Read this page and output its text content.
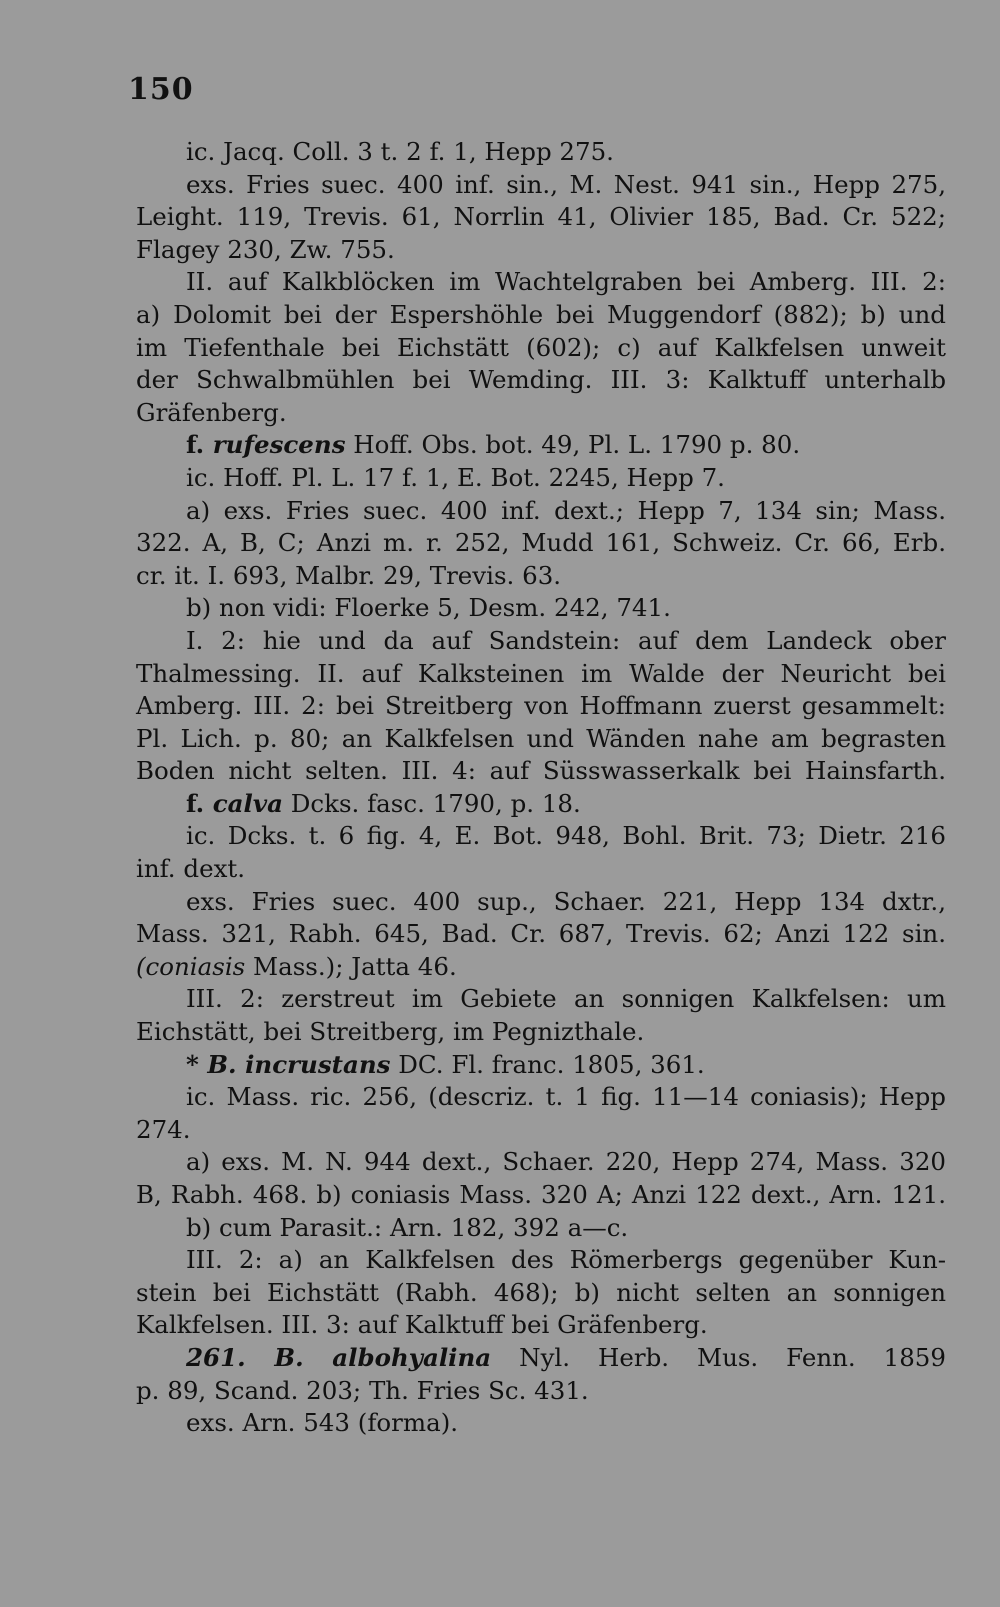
150
ic. Jacq. Coll. 3 t. 2 f. 1, Hepp 275.
exs. Fries suec. 400 inf. sin., M. Nest. 941 sin., Hepp 275,
Leight. 119, Trevis. 61, Norrlin 41, Olivier 185, Bad. Cr. 522;
Flagey 230, Zw. 755.
II. auf Kalkblöcken im Wachtelgraben bei Amberg. III. 2:
a) Dolomit bei der Espershöhle bei Muggendorf (882); b) und
im Tiefenthale bei Eichstätt (602); c) auf Kalkfelsen unweit
der Schwalbmühlen bei Wemding. III. 3: Kalktuff unterhalb
Gräfenberg.
f. rufescens Hoff. Obs. bot. 49, Pl. L. 1790 p. 80.
ic. Hoff. Pl. L. 17 f. 1, E. Bot. 2245, Hepp 7.
a) exs. Fries suec. 400 inf. dext.; Hepp 7, 134 sin; Mass.
322. A, B, C; Anzi m. r. 252, Mudd 161, Schweiz. Cr. 66, Erb.
cr. it. I. 693, Malbr. 29, Trevis. 63.
b) non vidi: Floerke 5, Desm. 242, 741.
I. 2: hie und da auf Sandstein: auf dem Landeck ober
Thalmessing. II. auf Kalksteinen im Walde der Neuricht bei
Amberg. III. 2: bei Streitberg von Hoffmann zuerst gesammelt:
Pl. Lich. p. 80; an Kalkfelsen und Wänden nahe am begrasten
Boden nicht selten. III. 4: auf Süsswasserkalk bei Hainsfarth.
f. calva Dcks. fasc. 1790, p. 18.
ic. Dcks. t. 6 fig. 4, E. Bot. 948, Bohl. Brit. 73; Dietr. 216
inf. dext.
exs. Fries suec. 400 sup., Schaer. 221, Hepp 134 dxtr.,
Mass. 321, Rabh. 645, Bad. Cr. 687, Trevis. 62; Anzi 122 sin.
(coniasis Mass.); Jatta 46.
III. 2: zerstreut im Gebiete an sonnigen Kalkfelsen: um
Eichstätt, bei Streitberg, im Pegnizthale.
* B. incrustans DC. Fl. franc. 1805, 361.
ic. Mass. ric. 256, (descriz. t. 1 fig. 11—14 coniasis); Hepp
274.
a) exs. M. N. 944 dext., Schaer. 220, Hepp 274, Mass. 320
B, Rabh. 468. b) coniasis Mass. 320 A; Anzi 122 dext., Arn. 121.
b) cum Parasit.: Arn. 182, 392 a—c.
III. 2: a) an Kalkfelsen des Römerbergs gegenüber Kun-
stein bei Eichstätt (Rabh. 468); b) nicht selten an sonnigen
Kalkfelsen. III. 3: auf Kalktuff bei Gräfenberg.
261. B. albohyalina Nyl. Herb. Mus. Fenn. 1859
p. 89, Scand. 203; Th. Fries Sc. 431.
exs. Arn. 543 (forma).
